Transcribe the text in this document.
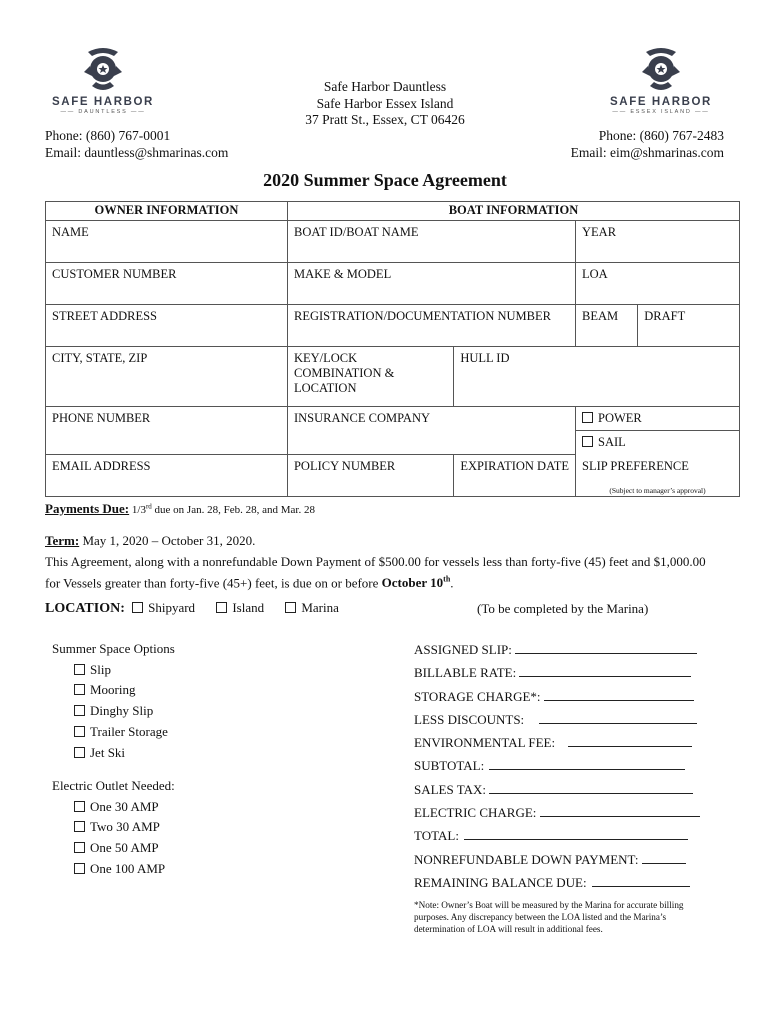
SAFE HARBOR
—— DAUNTLESS ——
SAFE HARBOR
—— ESSEX ISLAND ——
Safe Harbor Dauntless
Safe Harbor Essex Island
37 Pratt St., Essex, CT 06426
Phone: (860) 767-0001
Email: dauntless@shmarinas.com
Phone: (860) 767-2483
Email: eim@shmarinas.com
2020 Summer Space Agreement
OWNER INFORMATION	BOAT INFORMATION			
NAME	BOAT ID/BOAT NAME		YEAR	
CUSTOMER NUMBER	MAKE & MODEL		LOA	
STREET ADDRESS	REGISTRATION/DOCUMENTATION NUMBER		BEAM	DRAFT
CITY, STATE, ZIP	KEY/LOCK COMBINATION & LOCATION	HULL ID		
PHONE NUMBER	INSURANCE COMPANY		POWER	
			SAIL	
EMAIL ADDRESS	POLICY NUMBER	EXPIRATION DATE	SLIP PREFERENCE
(Subject to manager’s approval)	
Payments Due: 1/3rd due on Jan. 28, Feb. 28, and Mar. 28
Term: May 1, 2020 – October 31, 2020.
This Agreement, along with a nonrefundable Down Payment of $500.00 for vessels less than forty-five (45) feet and $1,000.00
for Vessels greater than forty-five (45+) feet, is due on or before October 10th.
LOCATION: Shipyard	Island	Marina	(To be completed by the Marina)
Summer Space Options
Slip
Mooring
Dinghy Slip
Trailer Storage
Jet Ski
Electric Outlet Needed:
One 30 AMP
Two 30 AMP
One 50 AMP
One 100 AMP
ASSIGNED SLIP:
BILLABLE RATE:
STORAGE CHARGE*:
LESS DISCOUNTS:
ENVIRONMENTAL FEE:
SUBTOTAL:
SALES TAX:
ELECTRIC CHARGE:
TOTAL:
NONREFUNDABLE DOWN PAYMENT:
REMAINING BALANCE DUE:
*Note: Owner’s Boat will be measured by the Marina for accurate billing
purposes. Any discrepancy between the LOA listed and the Marina’s
determination of LOA will result in additional fees.
